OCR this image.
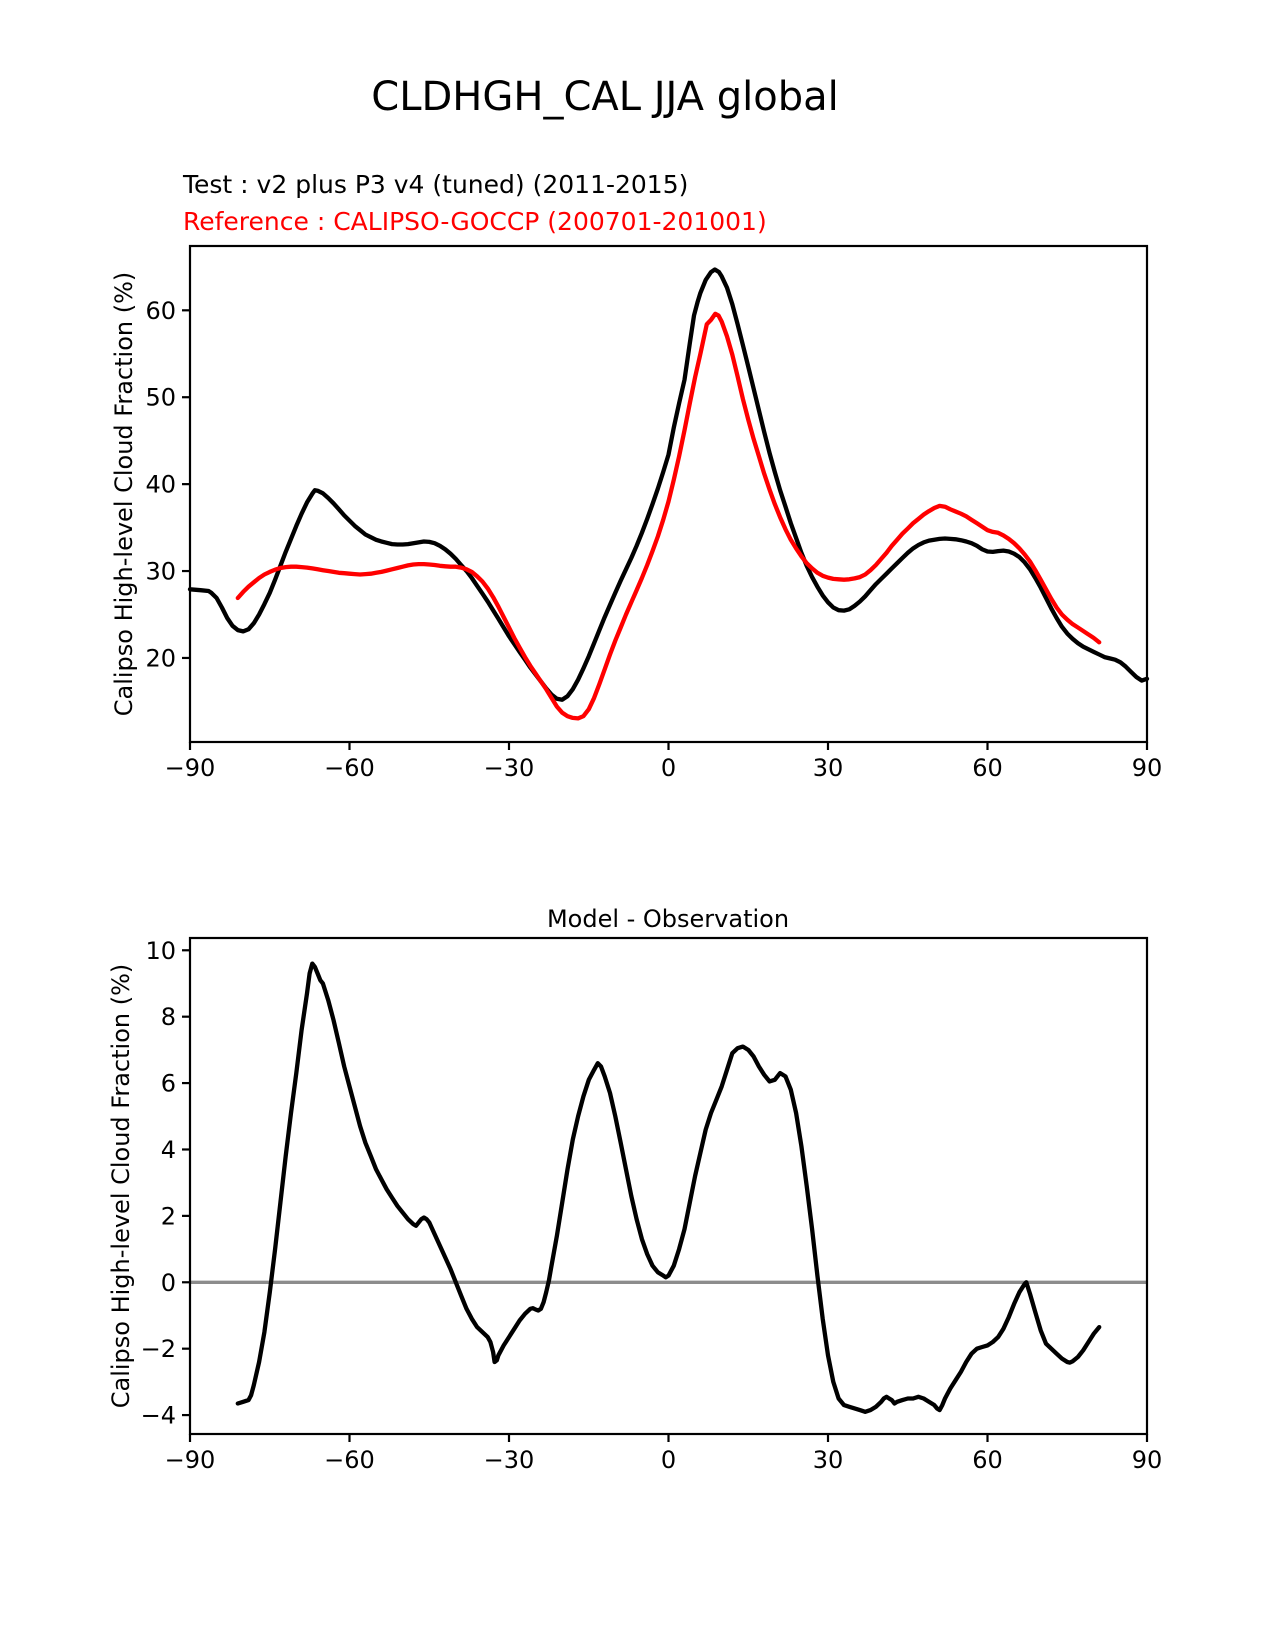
−90	−60	−30	0	30	60	90
20
30
40
50
60
−90	−60	−30	0	30	60	90
−4
−2
0
2
4
6
8
10
CLDHGH_CAL JJA global
Test : v2 plus P3 v4 (tuned) (2011-2015)
Reference : CALIPSO-GOCCP (200701-201001)
Calipso High-level Cloud Fraction (%)
Model - Observation
Calipso High-level Cloud Fraction (%)
